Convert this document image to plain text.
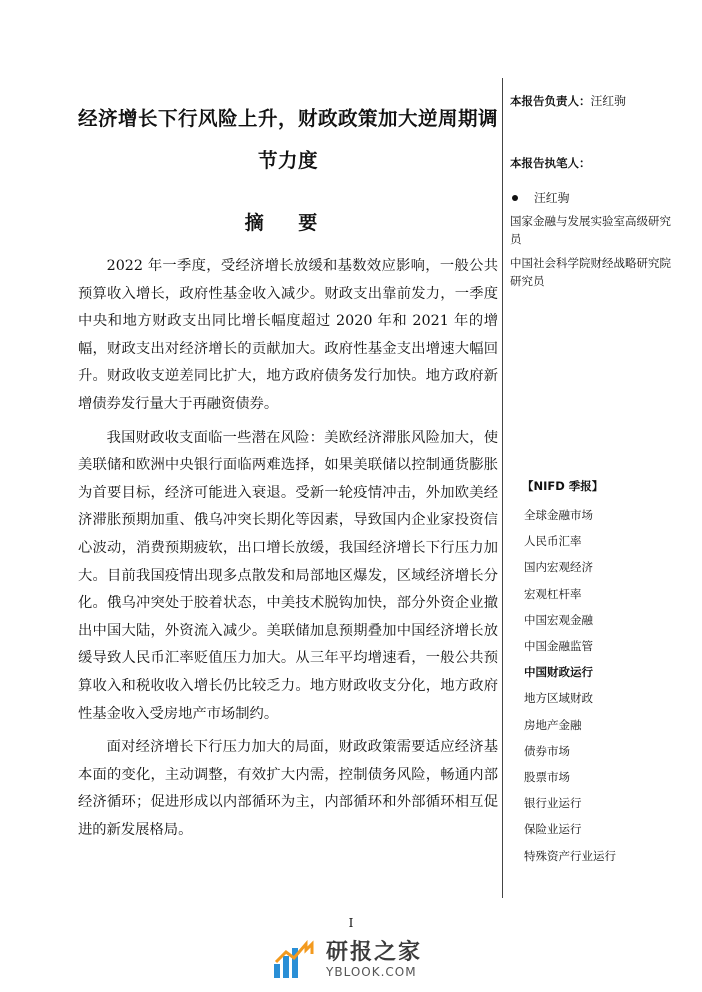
经济增长下行风险上升，财政政策加大逆周期调节力度
摘 要

2022 年一季度，受经济增长放缓和基数效应影响，一般公共预算收入增长，政府性基金收入减少。财政支出靠前发力，一季度中央和地方财政支出同比增长幅度超过 2020 年和 2021 年的增幅，财政支出对经济增长的贡献加大。政府性基金支出增速大幅回升。财政收支逆差同比扩大，地方政府债务发行加快。地方政府新增债券发行量大于再融资债券。

我国财政收支面临一些潜在风险：美欧经济滞胀风险加大，使美联储和欧洲中央银行面临两难选择，如果美联储以控制通货膨胀为首要目标，经济可能进入衰退。受新一轮疫情冲击，外加欧美经济滞胀预期加重、俄乌冲突长期化等因素，导致国内企业家投资信心波动，消费预期疲软，出口增长放缓，我国经济增长下行压力加大。目前我国疫情出现多点散发和局部地区爆发，区域经济增长分化。俄乌冲突处于胶着状态，中美技术脱钩加快，部分外资企业撤出中国大陆，外资流入减少。美联储加息预期叠加中国经济增长放缓导致人民币汇率贬值压力加大。从三年平均增速看，一般公共预算收入和税收收入增长仍比较乏力。地方财政收支分化，地方政府性基金收入受房地产市场制约。

面对经济增长下行压力加大的局面，财政政策需要适应经济基本面的变化，主动调整，有效扩大内需，控制债务风险，畅通内部经济循环；促进形成以内部循环为主，内部循环和外部循环相互促进的新发展格局。

本报告负责人：汪红驹
本报告执笔人：
汪红驹
国家金融与发展实验室高级研究员
中国社会科学院财经战略研究院研究员
【NIFD 季报】
全球金融市场
人民币汇率
国内宏观经济
宏观杠杆率
中国宏观金融
中国金融监管
中国财政运行
地方区域财政
房地产金融
债券市场
股票市场
银行业运行
保险业运行
特殊资产行业运行
I
研报之家
YBLOOK.COM
